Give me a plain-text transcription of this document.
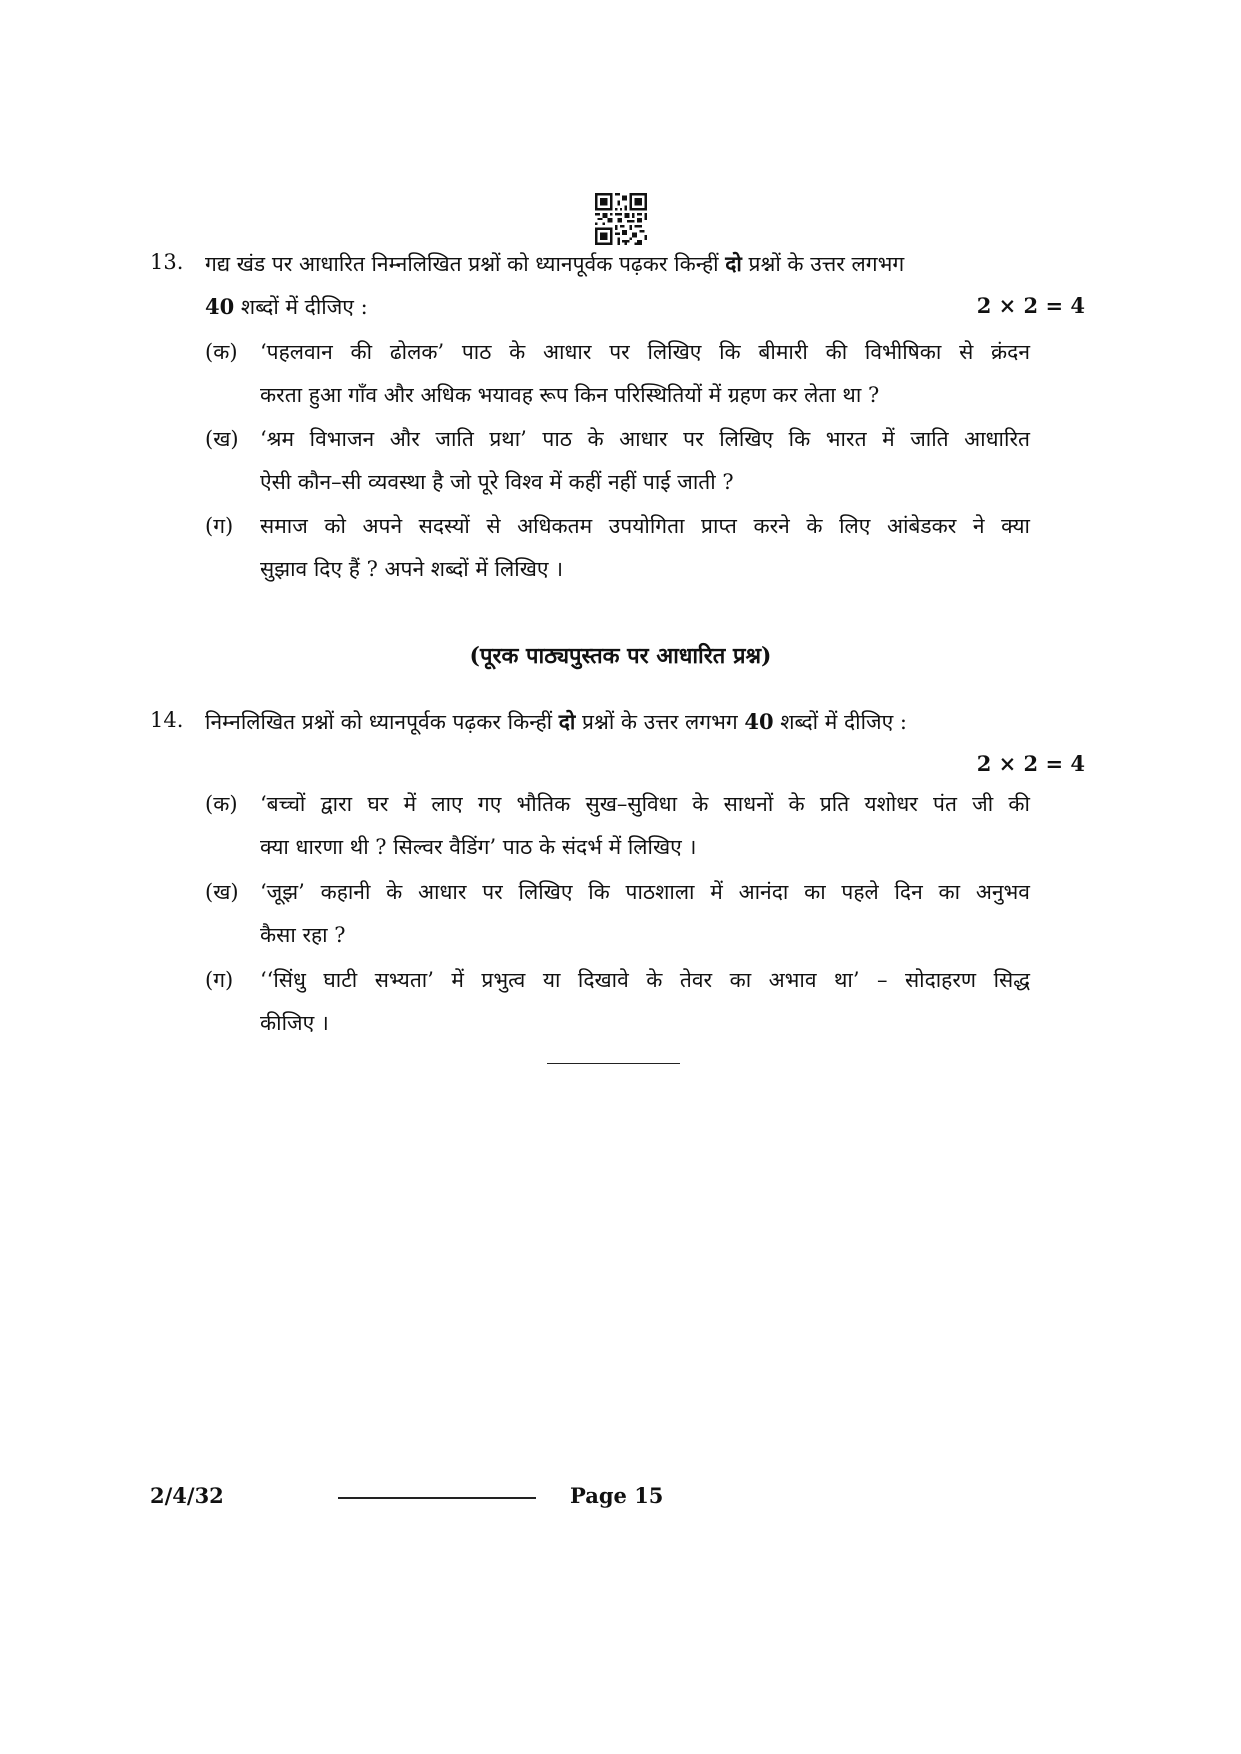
13.	गद्य खंड पर आधारित निम्नलिखित प्रश्नों को ध्यानपूर्वक पढ़कर किन्हीं दो प्रश्नों के उत्तर लगभग
40 शब्दों में दीजिए :	2 × 2 = 4
(क)	‘पहलवान की ढोलक’ पाठ के आधार पर लिखिए कि बीमारी की विभीषिका से क्रंदन
करता हुआ गाँव और अधिक भयावह रूप किन परिस्थितियों में ग्रहण कर लेता था ?
(ख)	‘श्रम विभाजन और जाति प्रथा’ पाठ के आधार पर लिखिए कि भारत में जाति आधारित
ऐसी कौन–सी व्यवस्था है जो पूरे विश्व में कहीं नहीं पाई जाती ?
(ग)	समाज को अपने सदस्यों से अधिकतम उपयोगिता प्राप्त करने के लिए आंबेडकर ने क्या
सुझाव दिए हैं ? अपने शब्दों में लिखिए ।
(पूरक पाठ्यपुस्तक पर आधारित प्रश्न)
14.	निम्नलिखित प्रश्नों को ध्यानपूर्वक पढ़कर किन्हीं दो प्रश्नों के उत्तर लगभग 40 शब्दों में दीजिए :
2 × 2 = 4
(क)	‘बच्चों द्वारा घर में लाए गए भौतिक सुख–सुविधा के साधनों के प्रति यशोधर पंत जी की
क्या धारणा थी ? सिल्वर वैडिंग’ पाठ के संदर्भ में लिखिए ।
(ख)	‘जूझ’ कहानी के आधार पर लिखिए कि पाठशाला में आनंदा का पहले दिन का अनुभव
कैसा रहा ?
(ग)	‘‘सिंधु घाटी सभ्यता’ में प्रभुत्व या दिखावे के तेवर का अभाव था’ – सोदाहरण सिद्ध
कीजिए ।
2/4/32	Page 15
